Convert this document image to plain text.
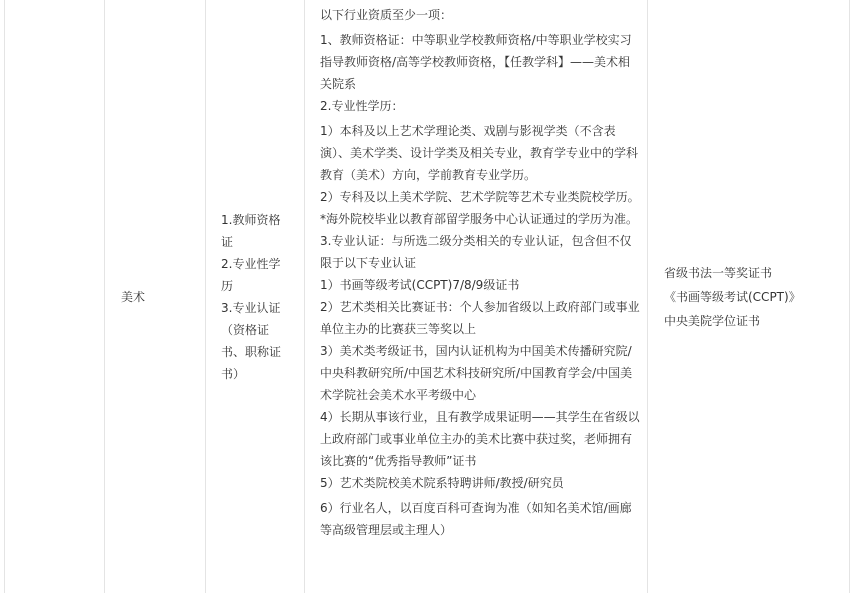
美术
1.教师资格证
2.专业性学历
3.专业认证（资格证书、职称证书）

以下行业资质至少一项：

1、教师资格证：中等职业学校教师资格/中等职业学校实习指导教师资格/高等学校教师资格，【任教学科】——美术相关院系

2.专业性学历：

1）本科及以上艺术学理论类、戏剧与影视学类（不含表演）、美术学类、设计学类及相关专业，教育学专业中的学科教育（美术）方向，学前教育专业学历。

2）专科及以上美术学院、艺术学院等艺术专业类院校学历。

*海外院校毕业以教育部留学服务中心认证通过的学历为准。

3.专业认证：与所选二级分类相关的专业认证，包含但不仅限于以下专业认证

1）书画等级考试(CCPT)7/8/9级证书

2）艺术类相关比赛证书：个人参加省级以上政府部门或事业单位主办的比赛获三等奖以上

3）美术类考级证书，国内认证机构为中国美术传播研究院/中央科教研究所/中国艺术科技研究所/中国教育学会/中国美术学院社会美术水平考级中心

4）长期从事该行业，且有教学成果证明——其学生在省级以上政府部门或事业单位主办的美术比赛中获过奖，老师拥有该比赛的“优秀指导教师”证书

5）艺术类院校美术院系特聘讲师/教授/研究员

6）行业名人，以百度百科可查询为准（如知名美术馆/画廊等高级管理层或主理人）

省级书法一等奖证书
《书画等级考试(CCPT)》
中央美院学位证书
